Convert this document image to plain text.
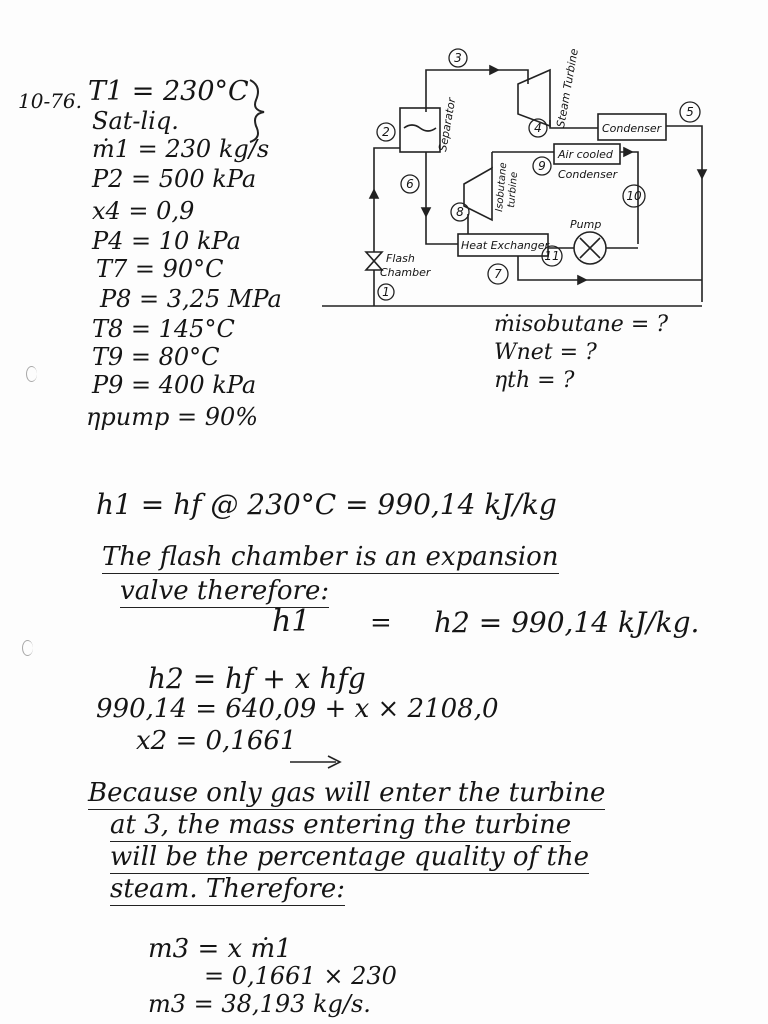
10-76. T1 = 230°C
Sat-liq.
ṁ1 = 230 kg/s
P2 = 500 kPa
x4 = 0,9
P4 = 10 kPa
T7 = 90°C
P8 = 3,25 MPa
T8 = 145°C
T9 = 80°C
P9 = 400 kPa
ηpump = 90%
3
2	4
5
6
9
10
8
7
11
1
Separator	Steam Turbine Condenser
Air cooled
Condenser
Isobutane
turbine
Heat Exchanger
Pump
Flash
Chamber
ṁisobutane = ?
Wnet = ?
ηth = ?
h1 = hf @ 230°C = 990,14 kJ/kg
The flash chamber is an expansion
valve therefore:
h1 = h2 = 990,14 kJ/kg.
h2 = hf + x hfg
990,14 = 640,09 + x × 2108,0
x2 = 0,1661
Because only gas will enter the turbine
at 3, the mass entering the turbine
will be the percentage quality of the
steam. Therefore:
m3 = x ṁ1
= 0,1661 × 230
m3 = 38,193 kg/s.
